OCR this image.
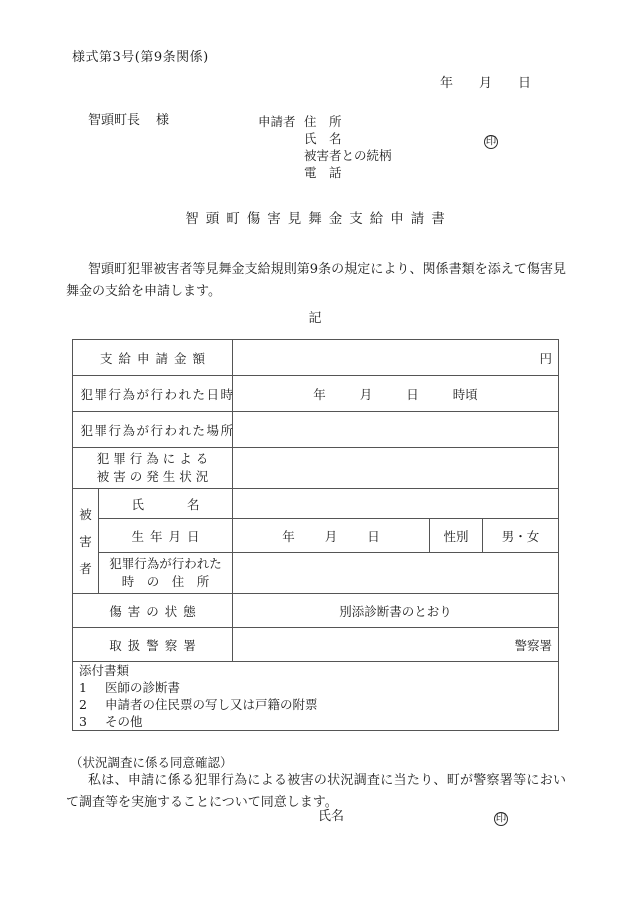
様式第3号(第9条関係)
年 月 日
智頭町長 様	申請者 住　所
氏　名	印
被害者との続柄
電　話
智頭町傷害見舞金支給申請書
智頭町犯罪被害者等見舞金支給規則第9条の規定により、関係書類を添えて傷害見舞金の支給を申請します。
記
支給申請金額		円		
犯罪行為が行われた日時		年 月 日 時頃		
犯罪行為が行われた場所				

犯罪行為による
被害の発生状況				

被
害
者	氏　　名			
	生年月日	年 月 日	性別	男・女

	犯罪行為が行われた
時　の　住　所			

傷害の状態		別添診断書のとおり		
取扱警察署		警察署		

添付書類
1 医師の診断書
2 申請者の住民票の写し又は戸籍の附票
3 その他				
（状況調査に係る同意確認）
私は、申請に係る犯罪行為による被害の状況調査に当たり、町が警察署等において調査等を実施することについて同意します。
氏名	印
